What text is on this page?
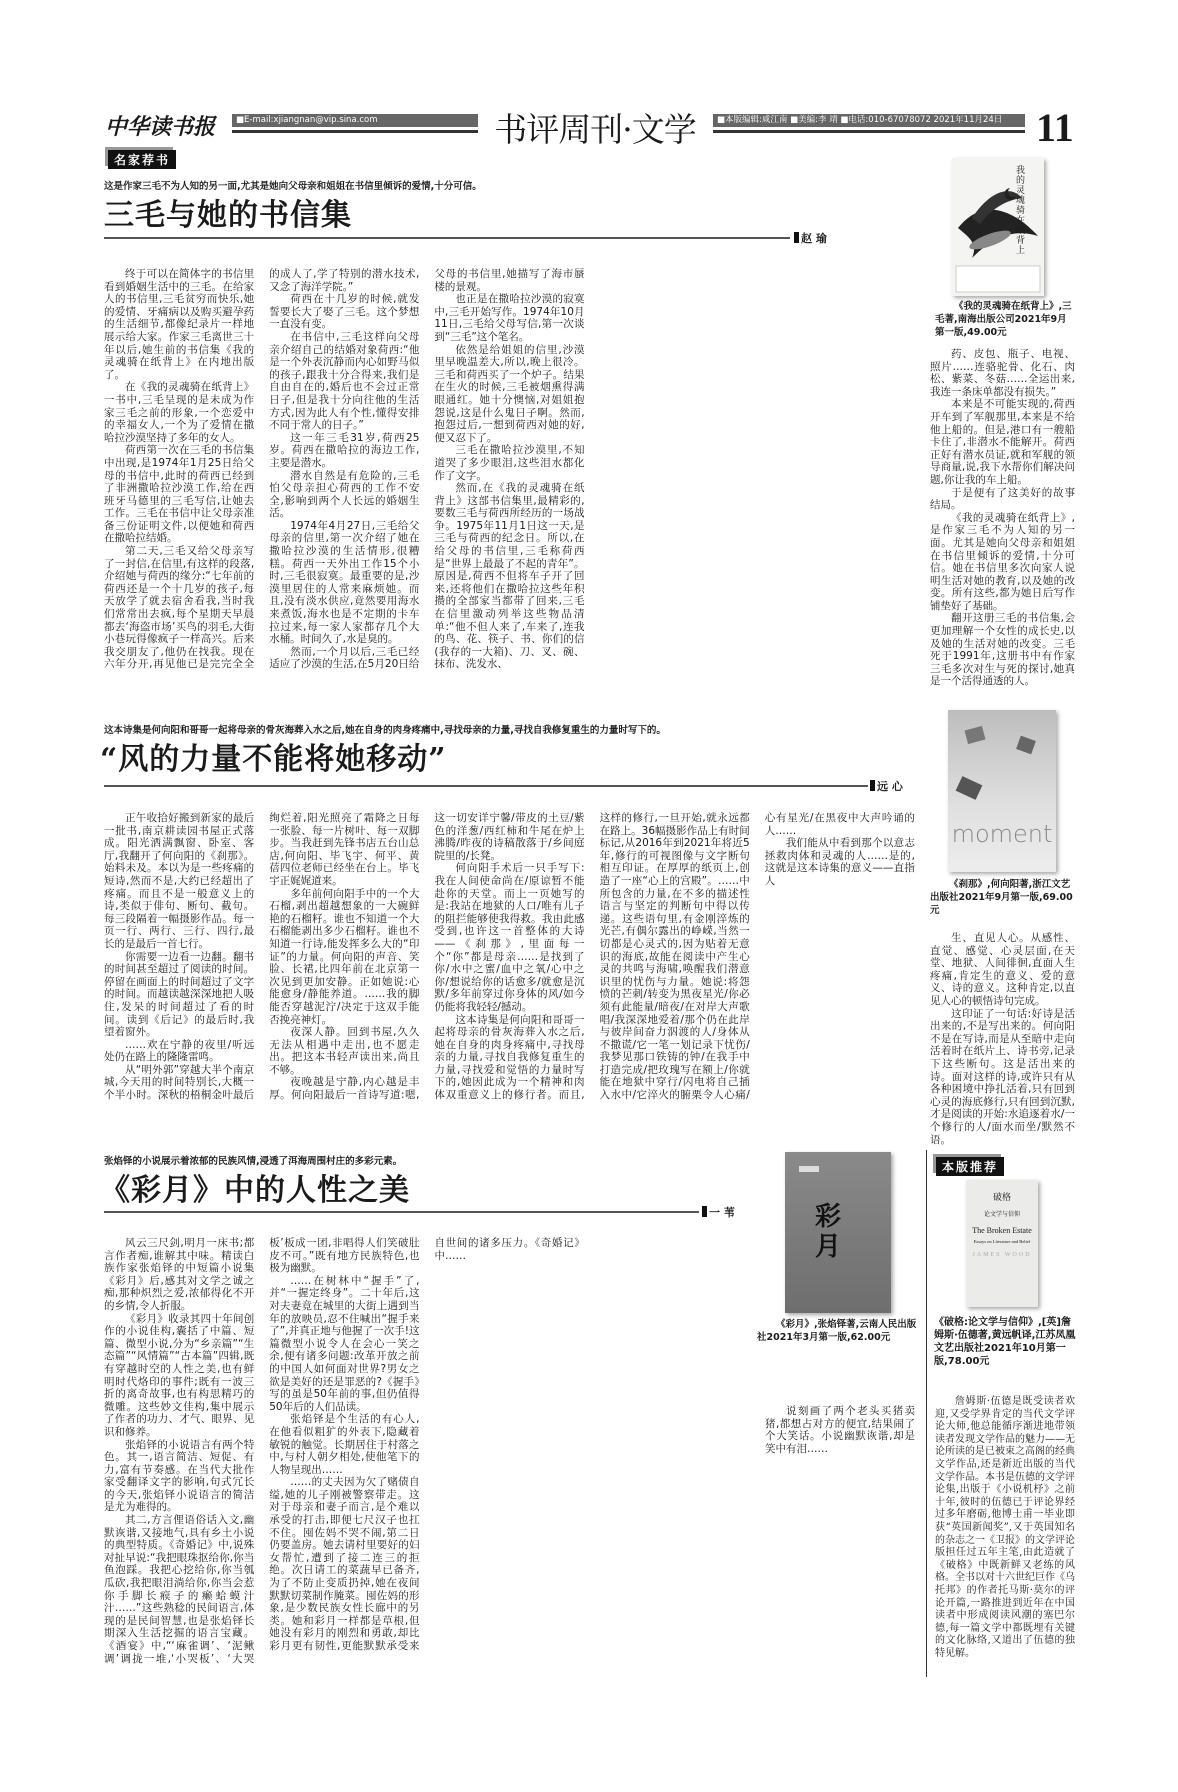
中华读书报	■E-mail:xjiangnan@vip.sina.com	书评周刊·文学	■本版编辑:咸江南 ■美编:李 靖 ■电话:010-67078072 2021年11月24日 11
名家荐书
这是作家三毛不为人知的另一面,尤其是她向父母亲和姐姐在书信里倾诉的爱情,十分可信。
三毛与她的书信集
赵 瑜

终于可以在简体字的书信里看到婚姻生活中的三毛。在给家人的书信里,三毛贫穷而快乐,她的爱情、牙痛病以及购买避孕药的生活细节,都像纪录片一样地展示给大家。作家三毛离世三十年以后,她生前的书信集《我的灵魂骑在纸背上》在内地出版了。

在《我的灵魂骑在纸背上》一书中,三毛呈现的是未成为作家三毛之前的形象,一个恋爱中的幸福女人,一个为了爱情在撒哈拉沙漠坚持了多年的女人。

荷西第一次在三毛的书信集中出现,是1974年1月25日给父母的书信中,此时的荷西已经到了非洲撒哈拉沙漠工作,给在西班牙马德里的三毛写信,让她去工作。三毛在书信中让父母亲准备三份证明文件,以便她和荷西在撒哈拉结婚。

第二天,三毛又给父母亲写了一封信,在信里,有这样的段落,介绍她与荷西的缘分:“七年前的荷西还是一个十几岁的孩子,每天放学了就去宿舍看我,当时我们常常出去疯,每个星期天早晨都去‘海盗市场’买鸟的羽毛,大街小巷玩得像疯子一样高兴。后来我交朋友了,他仍在找我。现在六年分开,再见他已是完完全全的成人了,学了特别的潜水技术,又念了海洋学院。”

荷西在十几岁的时候,就发誓要长大了娶了三毛。这个梦想一直没有变。

在书信中,三毛这样向父母亲介绍自己的结婚对象荷西:“他是一个外表沉静而内心如野马似的孩子,跟我十分合得来,我们是自由自在的,婚后也不会过正常日子,但是我十分向往他的生活方式,因为此人有个性,懂得安排不同于常人的日子。”

这一年三毛31岁,荷西25岁。荷西在撒哈拉的海边工作,主要是潜水。

潜水自然是有危险的,三毛怕父母亲担心荷西的工作不安全,影响到两个人长远的婚姻生活。

1974年4月27日,三毛给父母亲的信里,第一次介绍了她在撒哈拉沙漠的生活情形,很糟糕。荷西一天外出工作15个小时,三毛很寂寞。最重要的是,沙漠里居住的人常来麻烦她。而且,没有淡水供应,竟然要用海水来煮饭,海水也是不定期的卡车拉过来,每一家人家都存几个大水桶。时间久了,水是臭的。

然而,一个月以后,三毛已经适应了沙漠的生活,在5月20日给父母的书信里,她描写了海市蜃楼的景观。

也正是在撒哈拉沙漠的寂寞中,三毛开始写作。1974年10月11日,三毛给父母写信,第一次谈到“三毛”这个笔名。

依然是给姐姐的信里,沙漠里早晚温差大,所以,晚上很冷。三毛和荷西买了一个炉子。结果在生火的时候,三毛被烟熏得满眼通红。她十分懊恼,对姐姐抱怨说,这是什么鬼日子啊。然而,抱怨过后,一想到荷西对她的好,便又忍下了。

三毛在撒哈拉沙漠里,不知道哭了多少眼泪,这些泪水都化作了文字。

然而,在《我的灵魂骑在纸背上》这部书信集里,最精彩的,要数三毛与荷西所经历的一场战争。1975年11月1日这一天,是三毛与荷西的纪念日。所以,在给父母的书信里,三毛称荷西是“世界上最最了不起的青年”。原因是,荷西不但将车子开了回来,还将他们在撒哈拉这些年积攒的全部家当都带了回来,三毛在信里激动列举这些物品清单:“他不但人来了,车来了,连我的鸟、花、筷子、书、你们的信(我存的一大箱)、刀、叉、碗、抹布、洗发水、

我的灵魂骑在纸背上
《我的灵魂骑在纸背上》,三毛著,南海出版公司2021年9月第一版,49.00元

药、皮包、瓶子、电视、照片……连骆驼骨、化石、肉松、紫菜、冬菇……全运出来,我连一条床单都没有损失。”

本来是不可能实现的,荷西开车到了军舰那里,本来是不给他上船的。但是,港口有一艘船卡住了,非潜水不能解开。荷西正好有潜水员证,就和军舰的领导商量,说,我下水帮你们解决问题,你让我的车上船。

于是便有了这美好的故事结局。

《我的灵魂骑在纸背上》,是作家三毛不为人知的另一面。尤其是她向父母亲和姐姐在书信里倾诉的爱情,十分可信。她在书信里多次向家人说明生活对她的教育,以及她的改变。所有这些,都为她日后写作铺垫好了基础。

翻开这册三毛的书信集,会更加理解一个女性的成长史,以及她的生活对她的改变。三毛死于1991年,这册书中有作家三毛多次对生与死的探讨,她真是一个活得通透的人。

这本诗集是何向阳和哥哥一起将母亲的骨灰海葬入水之后,她在自身的肉身疼痛中,寻找母亲的力量,寻找自我修复重生的力量时写下的。
“风的力量不能将她移动”
远 心

正午收拾好搬到新家的最后一批书,南京耕读园书屋正式落成。阳光洒满飘窗、卧室、客厅,我翻开了何向阳的《刹那》。始料未及。本以为是一些疼痛的短诗,然而不是,大约已经超出了疼痛。而且不是一般意义上的诗,类似于俳句、断句、截句。每三段隔着一幅摄影作品。每一页一行、两行、三行、四行,最长的是最后一首七行。

你需要一边看一边翻。翻书的时间甚至超过了阅读的时间。停留在画面上的时间超过了文字的时间。而越读越深深地把人吸住,发呆的时间超过了看的时间。读到《后记》的最后时,我望着窗外。

……欢在宁静的夜里/听远处仍在路上的隆隆雷鸣。

从“明外郭”穿越大半个南京城,今天用的时间特别长,大概一个半小时。深秋的梧桐金叶最后绚烂着,阳光照亮了霜降之日每一张脸、每一片树叶、每一双脚步。当我赶到先锋书店五台山总店,何向阳、毕飞宇、何平、黄蓓四位老师已经坐在台上。毕飞宇正娓娓道来。

多年前何向阳手中的一个大石榴,剥出超越想象的一大碗鲜艳的石榴籽。谁也不知道一个大石榴能剥出多少石榴籽。谁也不知道一行诗,能发挥多么大的“印证”的力量。何向阳的声音、笑脸、长裙,比四年前在北京第一次见到更加安静。正如她说:心能愈身/静能养道。……我的脚能否穿越泥泞/决定于这双手能否挽亮神灯。

夜深人静。回到书屋,久久无法从相遇中走出,也不愿走出。把这本书轻声读出来,尚且不够。

夜晚越是宁静,内心越是丰厚。何向阳最后一首诗写道:嗯,这一切安详宁馨/带皮的土豆/紫色的洋葱/西红柿和牛尾在炉上沸腾/昨夜的诗稿散落于/乡间庭院里的/长凳。

何向阳手术后一只手写下:我在人间使命尚在/原谅暂不能赴你的天堂。而上一页她写的是:我站在地狱的人口/唯有儿子的阻拦能够使我得救。我由此感受到,也许这一首整体的大诗——《刹那》,里面每一个“你”都是母亲……是找到了你/水中之蜜/血中之氧/心中之你/想说给你的话愈多/就愈是沉默/多年前穿过你身体的风/如今仍能将我轻轻/撼动。

这本诗集是何向阳和哥哥一起将母亲的骨灰海葬入水之后,她在自身的肉身疼痛中,寻找母亲的力量,寻找自我修复重生的力量,寻找爱和觉悟的力量时写下的,她因此成为一个精神和肉体双重意义上的修行者。而且,这样的修行,一旦开始,就永远都在路上。36幅摄影作品上有时间标记,从2016年到2021年将近5年,修行的可视图像与文字断句相互印证。在厚厚的纸页上,创造了一座“心上的宫殿”。……中所包含的力量,在不多的描述性语言与坚定的判断句中得以传递。这些语句里,有金刚淬炼的光芒,有偶尔露出的峥嵘,当然一切都是心灵式的,因为贴着无意识的海底,故能在阅读中产生心灵的共鸣与海啸,唤醒我们潜意识里的忧伤与力量。她说:将怨愤的芒刺/转变为黑夜星光/你必须有此能量/暗夜/在对岸大声歌唱/我深深地爱着/那个仍在此岸与彼岸间奋力泅渡的人/身体从不撒谎/它一笔一划记录下忧伤/我梦见那口铁铸的钟/在我手中打造完成/把玫瑰写在额上/你就能在地狱中穿行/闪电将自己插入水中/它淬火的腑栗令人心痛/心有星光/在黑夜中大声吟诵的人……

我们能从中看到那个以意志拯救肉体和灵魂的人……是的,这就是这本诗集的意义——直指人

moment
《刹那》,何向阳著,浙江文艺出版社2021年9月第一版,69.00元

生、直见人心。从感性、直觉、感觉、心灵层面,在天堂、地狱、人间徘徊,直面人生疼痛,肯定生的意义、爱的意义、诗的意义。这种肯定,以直见人心的顿悟诗句完成。

这印证了一句话:好诗是活出来的,不是写出来的。何向阳不是在写诗,而是从至暗中走向活着时在纸片上、诗书旁,记录下这些断句。这是活出来的诗。面对这样的诗,或许只有从各种困境中挣扎活着,只有回到心灵的海底修行,只有回到沉默,才是阅读的开始:水追逐着水/一个修行的人/面水而坐/默然不语。

张焰铎的小说展示着浓郁的民族风情,浸透了洱海周围村庄的多彩元素。
《彩月》中的人性之美
一 苇

风云三尺剑,明月一床书;都言作者痴,谁解其中味。精读白族作家张焰铎的中短篇小说集《彩月》后,感其对文学之诚之痴,那种炽烈之爱,浓郁得化不开的乡情,令人折服。

《彩月》收录其四十年间创作的小说佳构,囊括了中篇、短篇、微型小说,分为“乡亲篇”“生态篇”“风情篇”“古本篇”四辑,既有穿越时空的人性之美,也有鲜明时代烙印的事件;既有一波三折的离奇故事,也有构思精巧的微雕。这些妙文佳构,集中展示了作者的功力、才气、眼界、见识和修养。

张焰铎的小说语言有两个特色。其一,语言简洁、短促、有力,富有节奏感。在当代大批作家受翻译文字的影响,句式冗长的今天,张焰铎小说语言的简洁是尤为难得的。

其二,方言俚语俗话入文,幽默诙谐,又接地气,具有乡土小说的典型特质。《奇婚记》中,说殊对扯早说:“我把眼珠抠给你,你当鱼泡踩。我把心挖给你,你当瓠瓜砍,我把眼泪淌给你,你当会惹你手脚长瘊子的癞蛤蟆汁汁……”这些熟稔的民间语言,体现的是民间智慧,也是张焰铎长期深入生活挖掘的语言宝藏。《酒宴》中,“‘麻雀调’、‘泥鳅调’调拢一堆,‘小哭板’、‘大哭板’板成一团,非唱得人们笑破肚皮不可。”既有地方民族特色,也极为幽默。

……在树林中“握手”了,并“一握定终身”。二十年后,这对夫妻竟在城里的大街上遇到当年的放映员,忍不住喊出“握手来了”,并真正地与他握了一次手!这篇微型小说令人在会心一笑之余,便有诸多问题:改革开放之前的中国人如何面对世界?男女之欲是美好的还是罪恶的?《握手》写的虽是50年前的事,但仍值得50年后的人们品读。

张焰铎是个生活的有心人,在他看似粗犷的外表下,隐藏着敏锐的触觉。长期居住于村落之中,与村人朝夕相处,使他笔下的人物呈现出……

……的丈夫因为欠了赌债自缢,她的儿子刚被警察带走。这对于母亲和妻子而言,是个难以承受的打击,即便七尺汉子也扛不住。囤佐妈不哭不闹,第二日仍要盖房。她去请村里要好的妇女帮忙,遭到了接二连三的拒绝。次日请工的菜蔬早已备齐,为了不防止变质扔掉,她在夜间默默切菜制作腌菜。囤佐妈的形象,是少数民族女性长廊中的另类。她和彩月一样都是草根,但她没有彩月的刚烈和勇敢,却比彩月更有韧性,更能默默承受来自世间的诸多压力。《奇婚记》中……

彩月
《彩月》,张焰铎著,云南人民出版社2021年3月第一版,62.00元

说刻画了两个老头买猪卖猪,都想占对方的便宜,结果闹了个大笑话。小说幽默诙谐,却是笑中有泪……

本版推荐
破格
论文学与信仰
The Broken Estate
Essays on Literature and Belief
JAMES WOOD
《破格:论文学与信仰》,[英]詹姆斯·伍德著,黄远帆译,江苏凤凰文艺出版社2021年10月第一版,78.00元

詹姆斯·伍德是既受读者欢迎,又受学界肯定的当代文学评论大师,他总能循序渐进地带领读者发现文学作品的魅力——无论所读的是已被束之高阁的经典文学作品,还是新近出版的当代文学作品。本书是伍德的文学评论集,出版于《小说机杼》之前十年,彼时的伍德已于评论界经过多年磨砺,他博士甫一毕业即获“英国新闻奖”,又于英国知名的杂志之一《卫报》的文学评论版担任过五年主笔,由此造就了《破格》中既新鲜又老练的风格。全书以对十六世纪巨作《乌托邦》的作者托马斯·莫尔的评论开篇,一路推进到近年在中国读者中形成阅读风潮的塞巴尔德,每一篇文学中都既埋有关键的文化脉络,又道出了伍德的独特见解。
